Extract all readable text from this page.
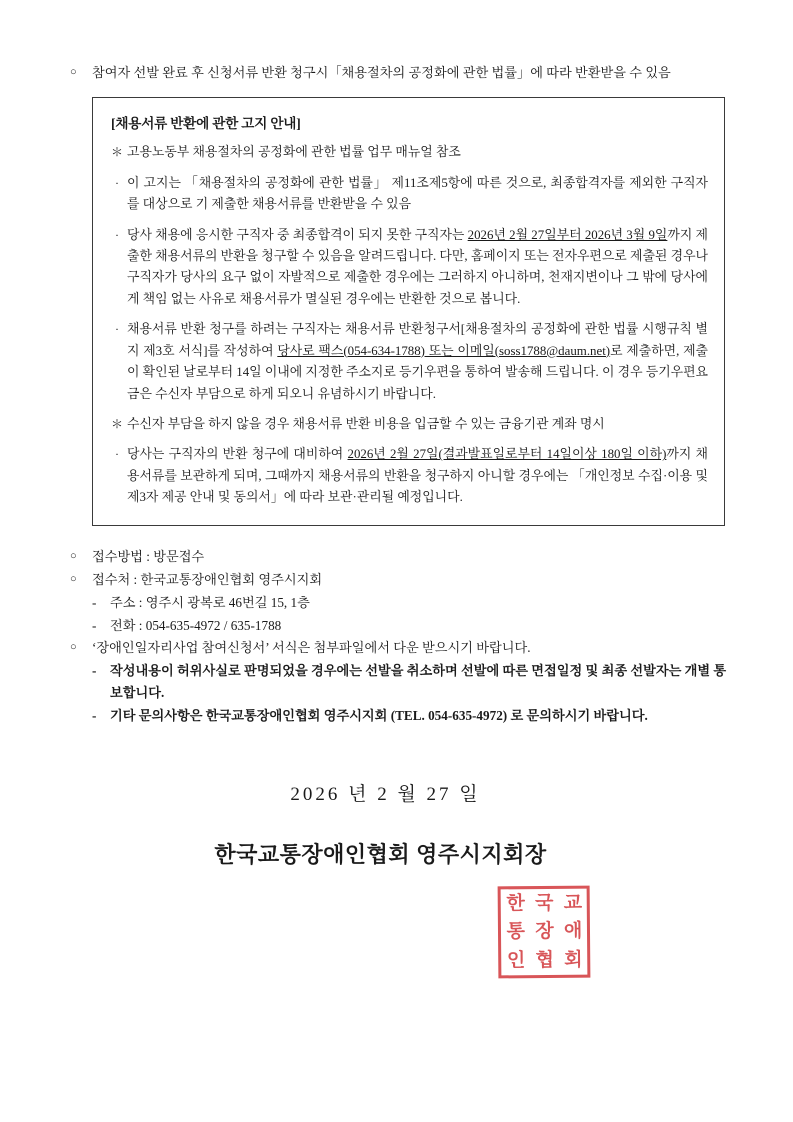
○	참여자 선발 완료 후 신청서류 반환 청구시「채용절차의 공정화에 관한 법률」에 따라 반환받을 수 있음
[채용서류 반환에 관한 고지 안내]
＊ 고용노동부 채용절차의 공정화에 관한 법률 업무 매뉴얼 참조
· 이 고지는 「채용절차의 공정화에 관한 법률」 제11조제5항에 따른 것으로, 최종합격자를 제외한 구직자를 대상으로 기 제출한 채용서류를 반환받을 수 있음
· 당사 채용에 응시한 구직자 중 최종합격이 되지 못한 구직자는 2026년 2월 27일부터 2026년 3월 9일까지 제출한 채용서류의 반환을 청구할 수 있음을 알려드립니다. 다만, 홈페이지 또는 전자우편으로 제출된 경우나 구직자가 당사의 요구 없이 자발적으로 제출한 경우에는 그러하지 아니하며, 천재지변이나 그 밖에 당사에게 책임 없는 사유로 채용서류가 멸실된 경우에는 반환한 것으로 봅니다.
· 채용서류 반환 청구를 하려는 구직자는 채용서류 반환청구서[채용절차의 공정화에 관한 법률 시행규칙 별지 제3호 서식]를 작성하여 당사로 팩스(054-634-1788) 또는 이메일(soss1788@daum.net)로 제출하면, 제출이 확인된 날로부터 14일 이내에 지정한 주소지로 등기우편을 통하여 발송해 드립니다. 이 경우 등기우편요금은 수신자 부담으로 하게 되오니 유념하시기 바랍니다.
＊ 수신자 부담을 하지 않을 경우 채용서류 반환 비용을 입금할 수 있는 금융기관 계좌 명시
· 당사는 구직자의 반환 청구에 대비하여 2026년 2월 27일(결과발표일로부터 14일이상 180일 이하)까지 채용서류를 보관하게 되며, 그때까지 채용서류의 반환을 청구하지 아니할 경우에는 「개인정보 수집·이용 및 제3자 제공 안내 및 동의서」에 따라 보관·관리될 예정입니다.
○	접수방법 : 방문접수
○	접수처 : 한국교통장애인협회 영주시지회
-	주소 : 영주시 광복로 46번길 15, 1층
-	전화 : 054-635-4972 / 635-1788
○	‘장애인일자리사업 참여신청서’ 서식은 첨부파일에서 다운 받으시기 바랍니다.
-	작성내용이 허위사실로 판명되었을 경우에는 선발을 취소하며 선발에 따른 면접일정 및 최종 선발자는 개별 통보합니다.
-	기타 문의사항은 한국교통장애인협회 영주시지회 (TEL. 054-635-4972) 로 문의하시기 바랍니다.
2026 년 2 월 27 일
한국교통장애인협회 영주시지회장
한 국 교
통 장 애
인 협 회
